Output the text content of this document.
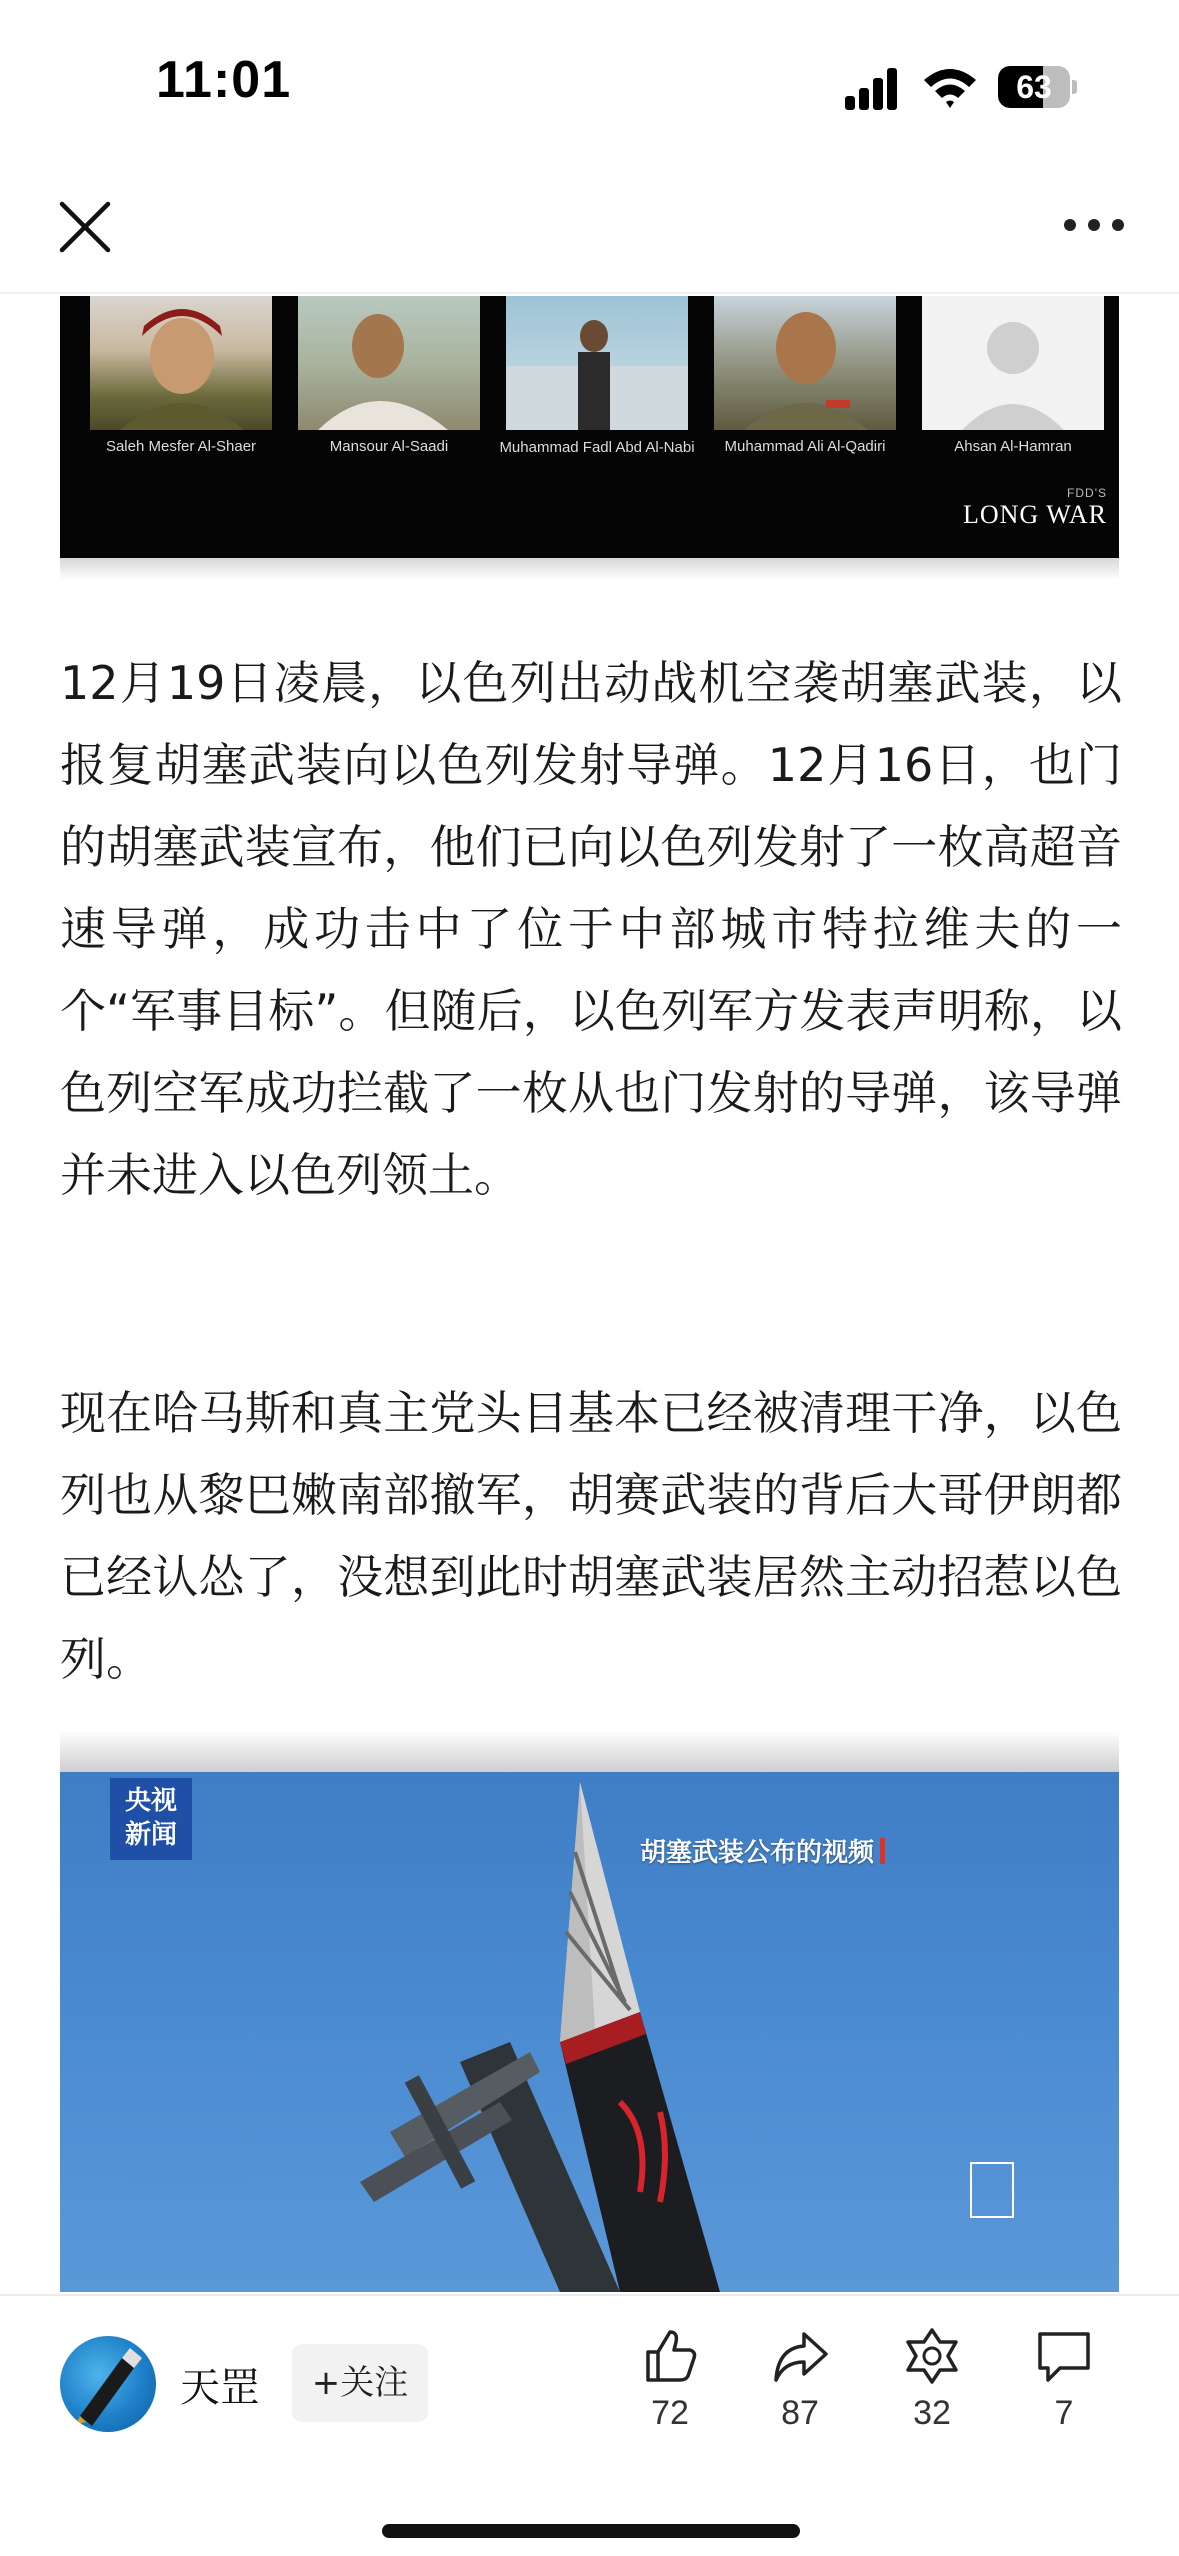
11:01	63
Saleh Mesfer Al-Shaer	Mansour Al-Saadi	Muhammad Fadl Abd Al-Nabi	Muhammad Ali Al-Qadiri	Ahsan Al-Hamran
FDD'S
LONG WAR

12月19日凌晨，以色列出动战机空袭胡塞武装，以报复胡塞武装向以色列发射导弹。12月16日，也门的胡塞武装宣布，他们已向以色列发射了一枚高超音速导弹，成功击中了位于中部城市特拉维夫的一个“军事目标”。但随后，以色列军方发表声明称，以色列空军成功拦截了一枚从也门发射的导弹，该导弹并未进入以色列领土。

现在哈马斯和真主党头目基本已经被清理干净，以色列也从黎巴嫩南部撤军，胡赛武装的背后大哥伊朗都已经认怂了，没想到此时胡塞武装居然主动招惹以色列。

央视
新闻
胡塞武装公布的视频
天罡	+关注
72	87	32	7
